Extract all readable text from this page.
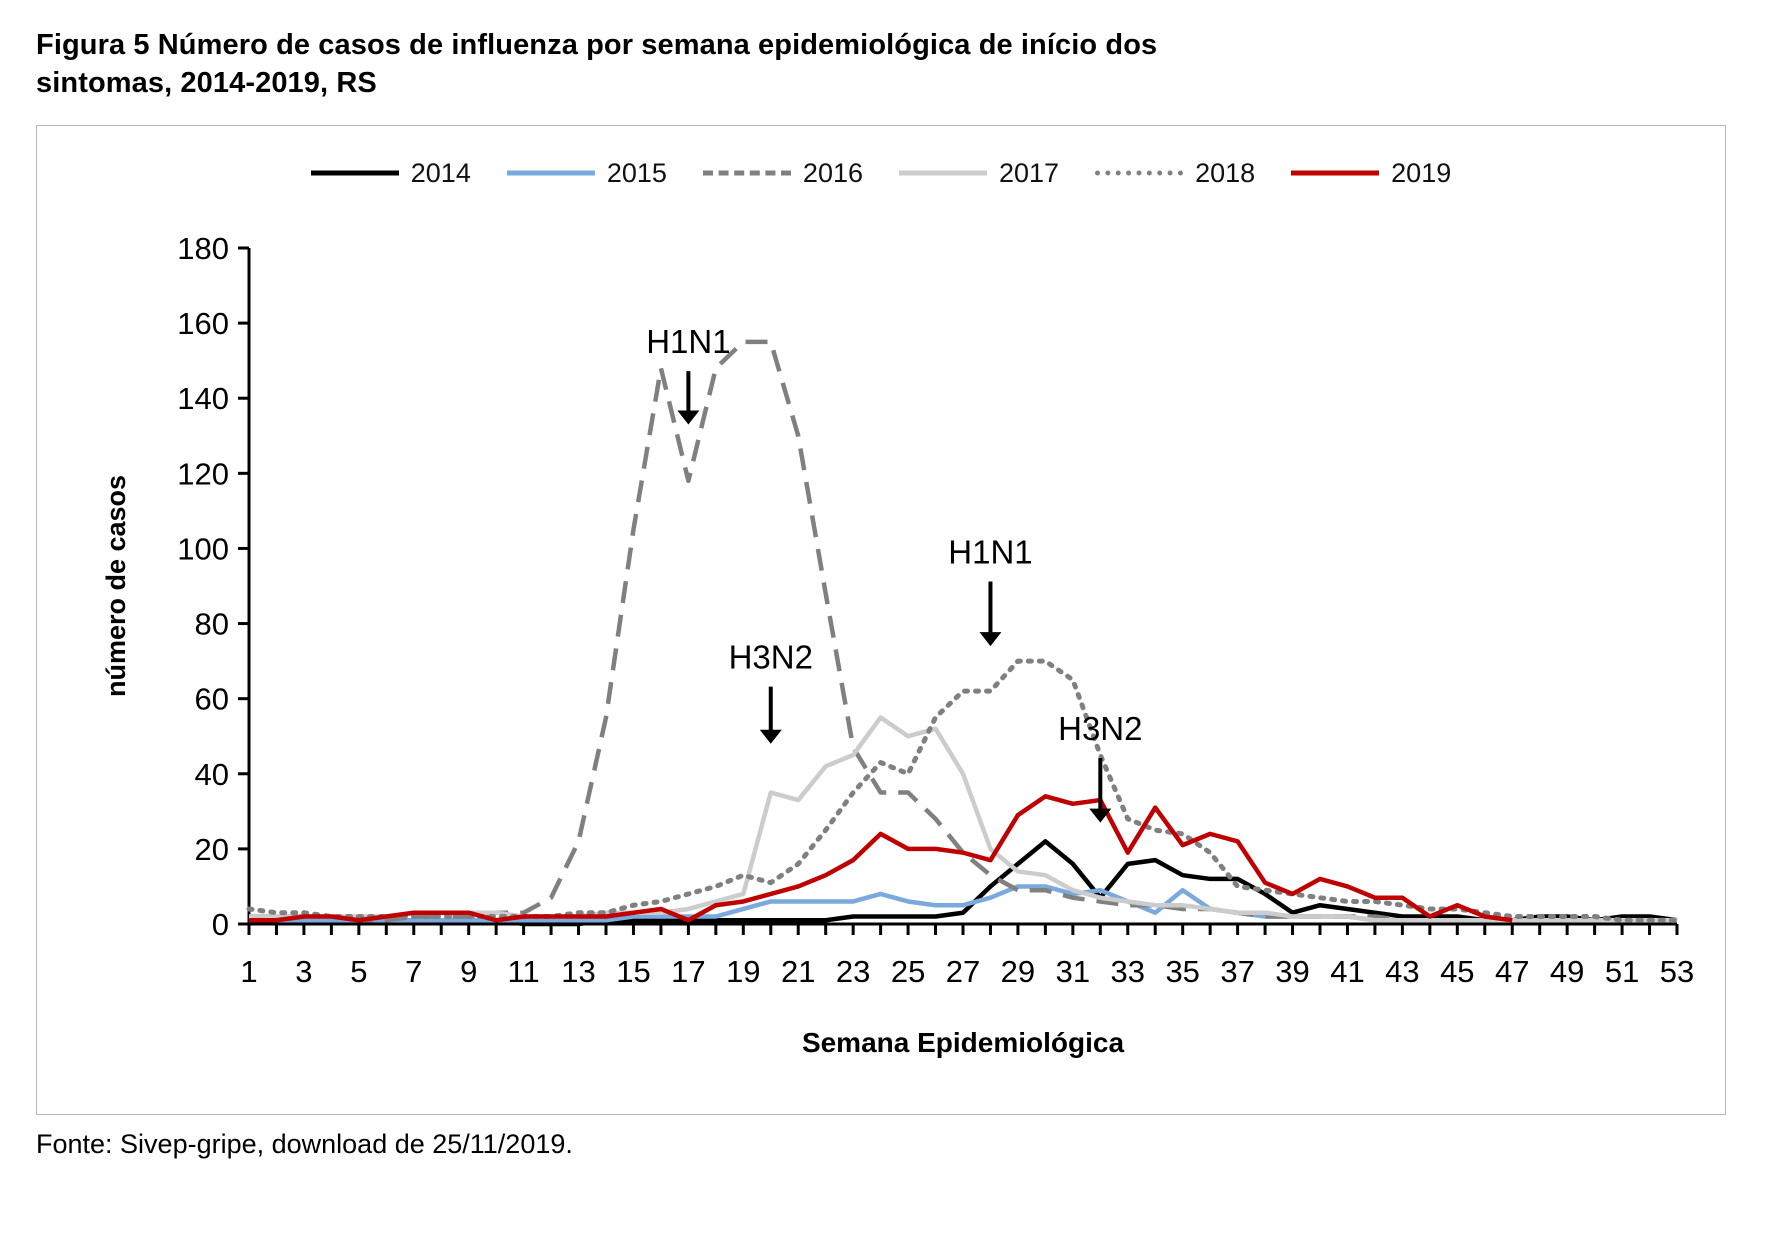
Figura 5 Número de casos de influenza por semana epidemiológica de início dos
sintomas, 2014-2019, RS
2014	2015	2016	2017	2018	2019
0
20
40
60
80
100
120
140
160
180
1 3 5 7 9 11 13 15 17 19 21 23 25 27 29 31 33 35 37 39 41 43 45 47 49 51 53
número de casos
Semana Epidemiológica
H1N1
H3N2
H1N1
H3N2
Fonte: Sivep-gripe, download de 25/11/2019.
